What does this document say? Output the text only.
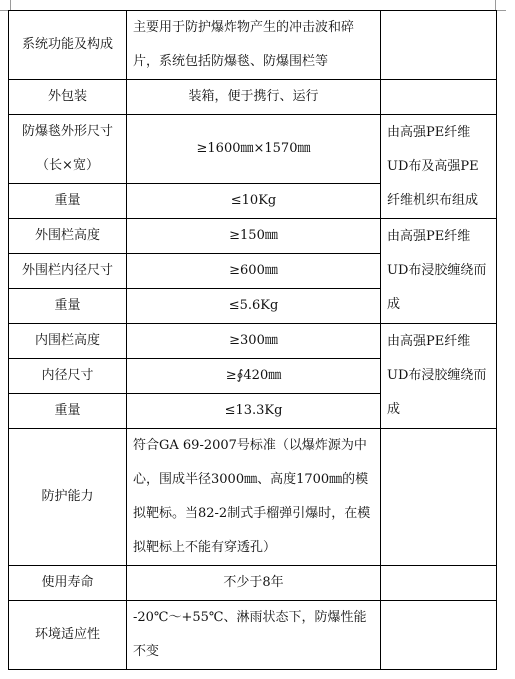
系统功能及构成	主要用于防护爆炸物产生的冲击波和碎片，系统包括防爆毯、防爆围栏等	
外包装	装箱，便于携行、运行	
防爆毯外形尺寸（长×宽）	≥1600㎜×1570㎜	由高强PE纤维UD布及高强PE纤维机织布组成
重量	≤10Kg	
外围栏高度	≥150㎜	由高强PE纤维UD布浸胶缠绕而成
外围栏内径尺寸	≥600㎜	
重量	≤5.6Kg	
内围栏高度	≥300㎜	由高强PE纤维UD布浸胶缠绕而成
内径尺寸	≥∮420㎜	
重量	≤13.3Kg	
防护能力	符合GA 69-2007号标准（以爆炸源为中心，围成半径3000㎜、高度1700㎜的模拟靶标。当82-2制式手榴弹引爆时，在模拟靶标上不能有穿透孔）	
使用寿命	不少于8年	
环境适应性	-20℃～+55℃、淋雨状态下，防爆性能不变	
